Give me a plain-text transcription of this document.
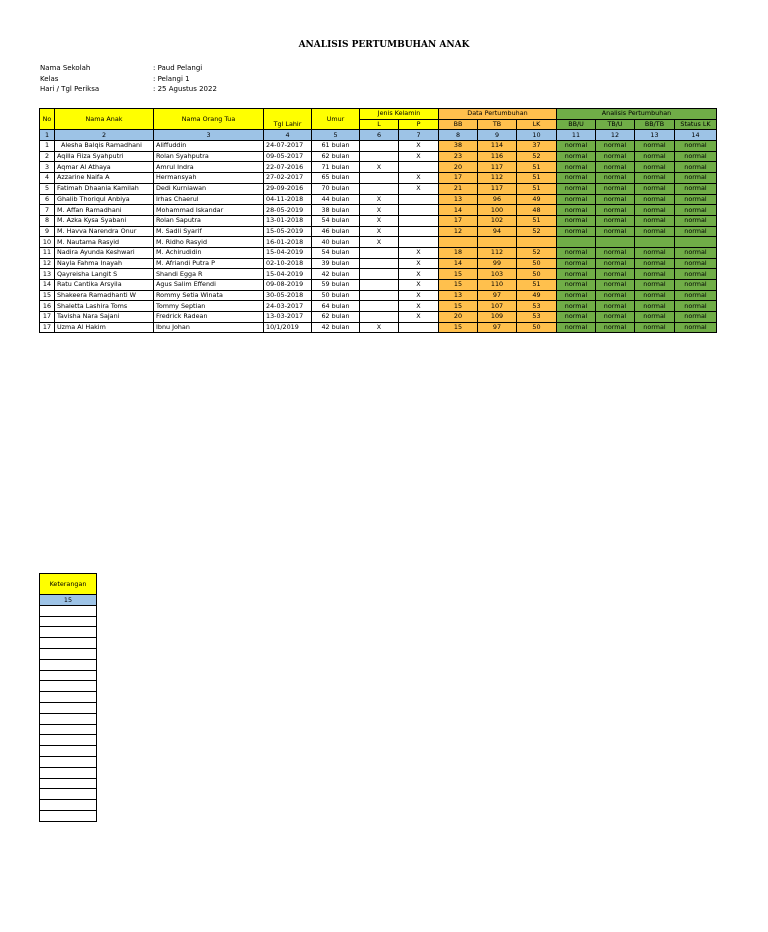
ANALISIS PERTUMBUHAN ANAK
Nama Sekolah	: Paud Pelangi
Kelas	: Pelangi 1
Hari / Tgl Periksa	: 25 Agustus 2022
No	Nama Anak	Nama Orang Tua	Tgl Lahir	Umur	Jenis Kelamin		Data Pertumbuhan			Analisis Pertumbuhan			
					L	P	BB	TB	LK	BB/U	TB/U	BB/TB	Status LK
1	2	3	4	5	6	7	8	9	10	11	12	13	14
1	Alesha Balqis Ramadhani	Aliffuddin	24-07-2017	61 bulan		X	38	114	37	normal	normal	normal	normal
2	Aqilla Fiiza Syahputri	Rolan Syahputra	09-05-2017	62 bulan		X	23	116	52	normal	normal	normal	normal
3	Aqmar Al Athaya	Amrul Indra	22-07-2016	71 bulan	X		20	117	51	normal	normal	normal	normal
4	Azzarine Naifa A	Hermansyah	27-02-2017	65 bulan		X	17	112	51	normal	normal	normal	normal
5	Fatimah Dhaania Kamilah	Dedi Kurniawan	29-09-2016	70 bulan		X	21	117	51	normal	normal	normal	normal
6	Ghalib Thoriqul Anbiya	Irhas Chaerul	04-11-2018	44 bulan	X		13	96	49	normal	normal	normal	normal
7	M. Affan Ramadhani	Mohammad Iskandar	28-05-2019	38 bulan	X		14	100	48	normal	normal	normal	normal
8	M. Azka Kysa Syabani	Rolan Saputra	13-01-2018	54 bulan	X		17	102	51	normal	normal	normal	normal
9	M. Havva Narendra Onur	M. Sadli Syarif	15-05-2019	46 bulan	X		12	94	52	normal	normal	normal	normal
10	M. Nautama Rasyid	M. Ridho Rasyid	16-01-2018	40 bulan	X								
11	Nadira Ayunda Keshwari	M. Achirudidin	15-04-2019	54 bulan		X	18	112	52	normal	normal	normal	normal
12	Nayla Fahma Inayah	M. Afriandi Putra P	02-10-2018	39 bulan		X	14	99	50	normal	normal	normal	normal
13	Qayreisha Langit S	Shandi Egga R	15-04-2019	42 bulan		X	15	103	50	normal	normal	normal	normal
14	Ratu Cantika Arsyila	Agus Salim Effendi	09-08-2019	59 bulan		X	15	110	51	normal	normal	normal	normal
15	Shakeera Ramadhanti W	Rommy Setia Winata	30-05-2018	50 bulan		X	13	97	49	normal	normal	normal	normal
16	Shaletta Lashira Toms	Tommy Septian	24-03-2017	64 bulan		X	15	107	53	normal	normal	normal	normal
17	Tavisha Nara Sajani	Fredrick Radean	13-03-2017	62 bulan		X	20	109	53	normal	normal	normal	normal
17	Uzma Al Hakim	Ibnu Johan	10/1/2019	42 bulan	X		15	97	50	normal	normal	normal	normal
Keterangan
15
